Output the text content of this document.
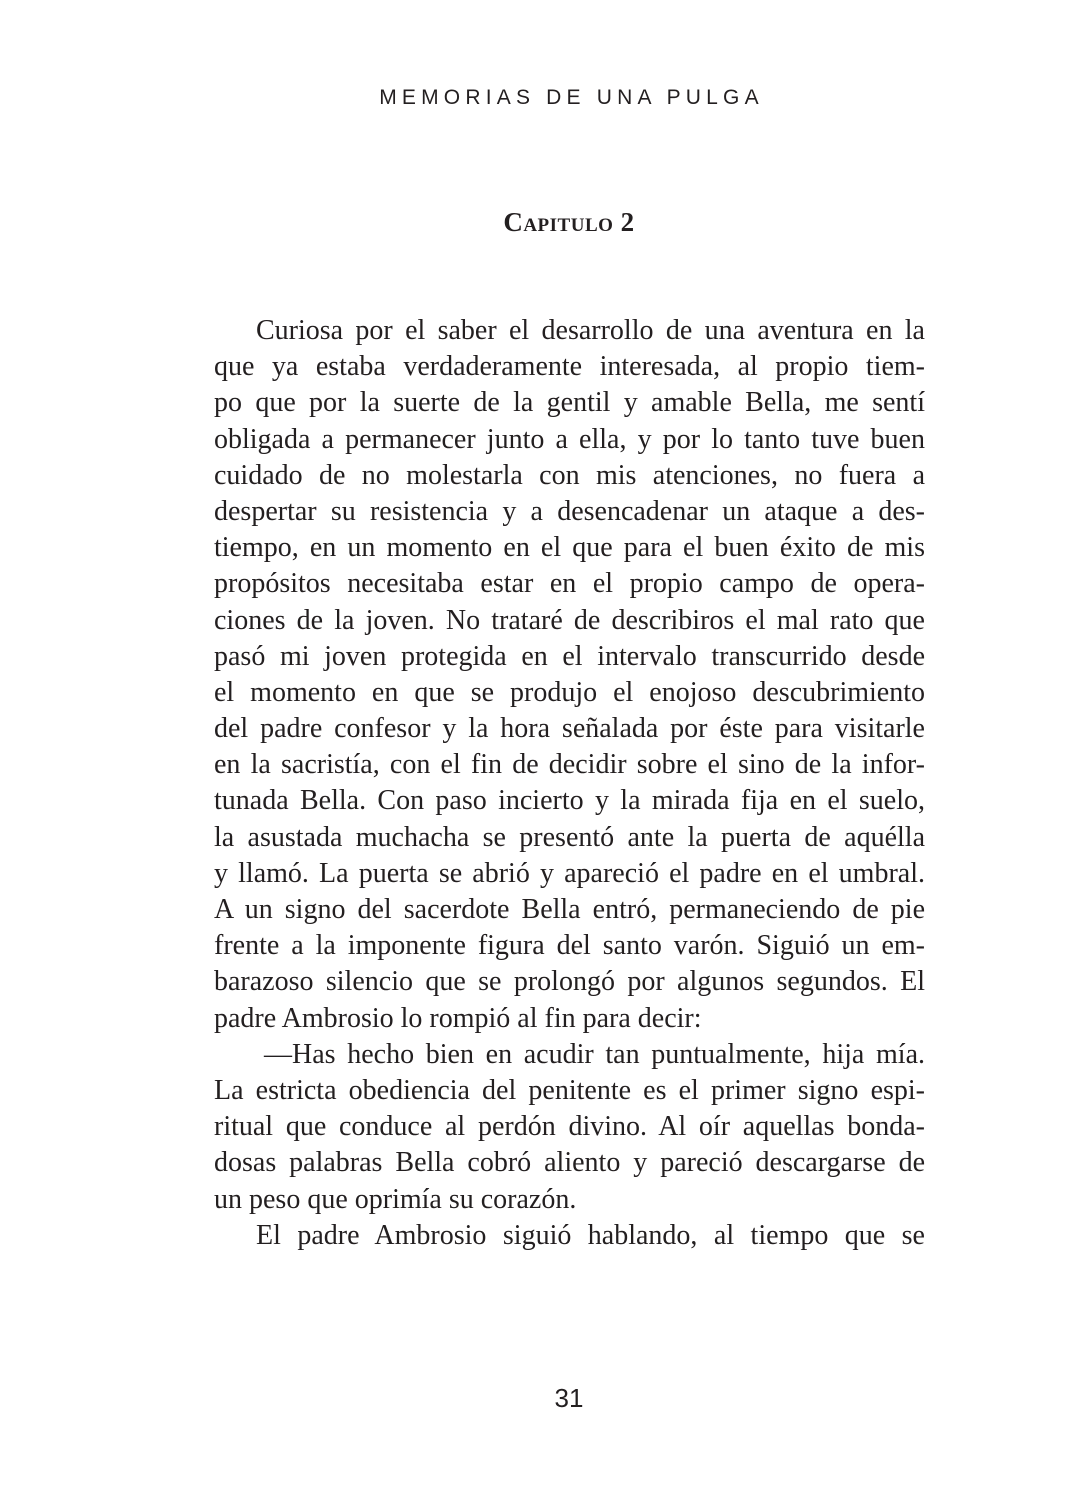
MEMORIAS DE UNA PULGA
Capitulo 2
Curiosa por el saber el desarrollo de una aventura en la
que ya estaba verdaderamente interesada, al propio tiem-
po que por la suerte de la gentil y amable Bella, me sentí
obligada a permanecer junto a ella, y por lo tanto tuve buen
cuidado de no molestarla con mis atenciones, no fuera a
despertar su resistencia y a desencadenar un ataque a des-
tiempo, en un momento en el que para el buen éxito de mis
propósitos necesitaba estar en el propio campo de opera-
ciones de la joven. No trataré de describiros el mal rato que
pasó mi joven protegida en el intervalo transcurrido desde
el momento en que se produjo el enojoso descubrimiento
del padre confesor y la hora señalada por éste para visitarle
en la sacristía, con el fin de decidir sobre el sino de la infor-
tunada Bella. Con paso incierto y la mirada fija en el suelo,
la asustada muchacha se presentó ante la puerta de aquélla
y llamó. La puerta se abrió y apareció el padre en el umbral.
A un signo del sacerdote Bella entró, permaneciendo de pie
frente a la imponente figura del santo varón. Siguió un em-
barazoso silencio que se prolongó por algunos segundos. El
padre Ambrosio lo rompió al fin para decir:
—Has hecho bien en acudir tan puntualmente, hija mía.
La estricta obediencia del penitente es el primer signo espi-
ritual que conduce al perdón divino. Al oír aquellas bonda-
dosas palabras Bella cobró aliento y pareció descargarse de
un peso que oprimía su corazón.
El padre Ambrosio siguió hablando, al tiempo que se
31
